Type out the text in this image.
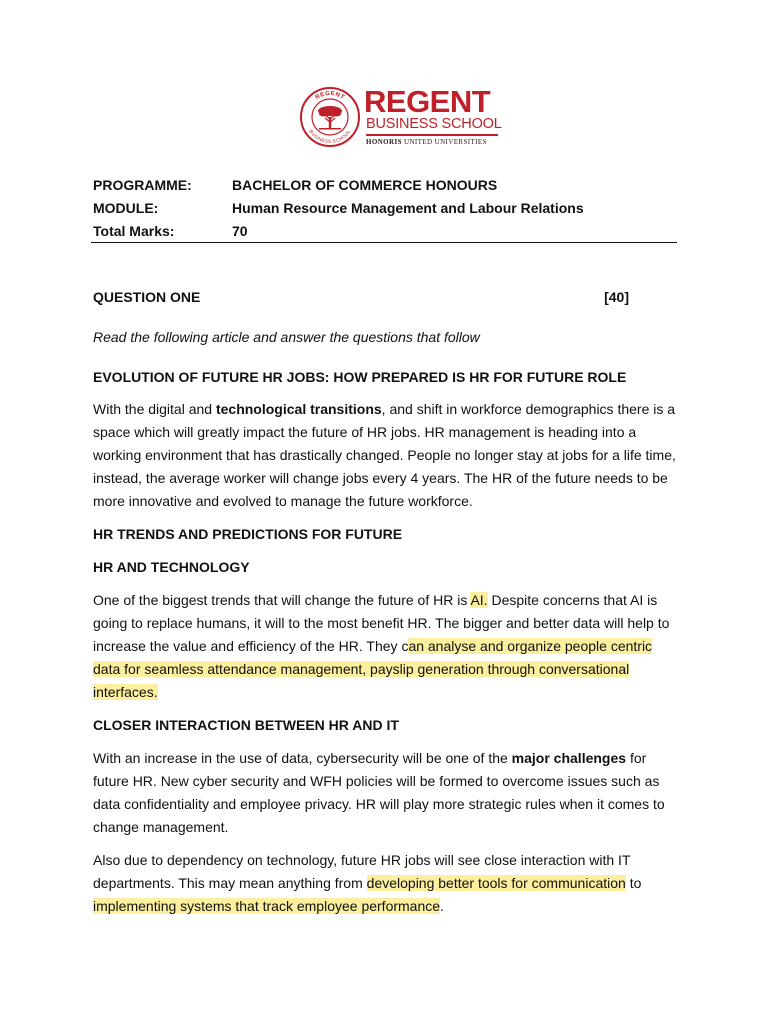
REGENT
BUSINESS SCHOOL
REGENT
BUSINESS SCHOOL
HONORIS UNITED UNIVERSITIES
PROGRAMME:	BACHELOR OF COMMERCE HONOURS
MODULE:	Human Resource Management and Labour Relations
Total Marks:	70
QUESTION ONE	[40]

Read the following article and answer the questions that follow

EVOLUTION OF FUTURE HR JOBS: HOW PREPARED IS HR FOR FUTURE ROLE

With the digital and technological transitions, and shift in workforce demographics there is a space which will greatly impact the future of HR jobs. HR management is heading into a working environment that has drastically changed. People no longer stay at jobs for a life time, instead, the average worker will change jobs every 4 years. The HR of the future needs to be more innovative and evolved to manage the future workforce.

HR TRENDS AND PREDICTIONS FOR FUTURE

HR AND TECHNOLOGY

One of the biggest trends that will change the future of HR is AI. Despite concerns that AI is going to replace humans, it will to the most benefit HR. The bigger and better data will help to increase the value and efficiency of the HR. They can analyse and organize people centric data for seamless attendance management, payslip generation through conversational interfaces.

CLOSER INTERACTION BETWEEN HR AND IT

With an increase in the use of data, cybersecurity will be one of the major challenges for future HR. New cyber security and WFH policies will be formed to overcome issues such as data confidentiality and employee privacy. HR will play more strategic rules when it comes to change management.

Also due to dependency on technology, future HR jobs will see close interaction with IT departments. This may mean anything from developing better tools for communication to implementing systems that track employee performance.
